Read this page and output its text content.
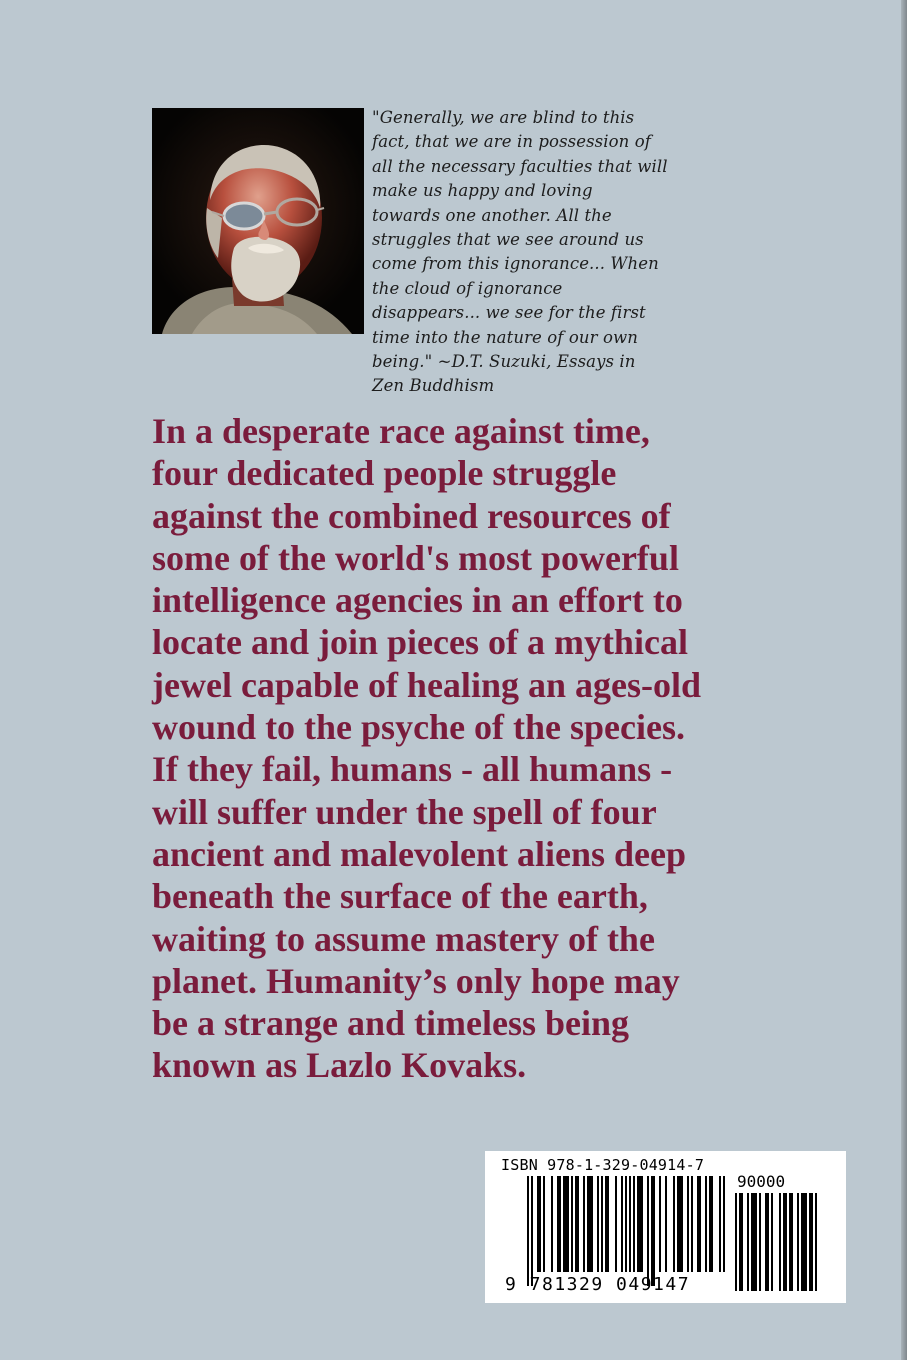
"Generally, we are blind to this
fact, that we are in possession of
all the necessary faculties that will
make us happy and loving
towards one another. All the
struggles that we see around us
come from this ignorance... When
the cloud of ignorance
disappears... we see for the first
time into the nature of our own
being." ~D.T. Suzuki, Essays in
Zen Buddhism

In a desperate race against time,
four dedicated people struggle
against the combined resources of
some of the world's most powerful
intelligence agencies in an effort to
locate and join pieces of a mythical
jewel capable of healing an ages-old
wound to the psyche of the species.
If they fail, humans - all humans -
will suffer under the spell of four
ancient and malevolent aliens deep
beneath the surface of the earth,
waiting to assume mastery of the
planet. Humanity’s only hope may
be a strange and timeless being
known as Lazlo Kovaks.

ISBN 978-1-329-04914-7
90000
9 781329 049147
